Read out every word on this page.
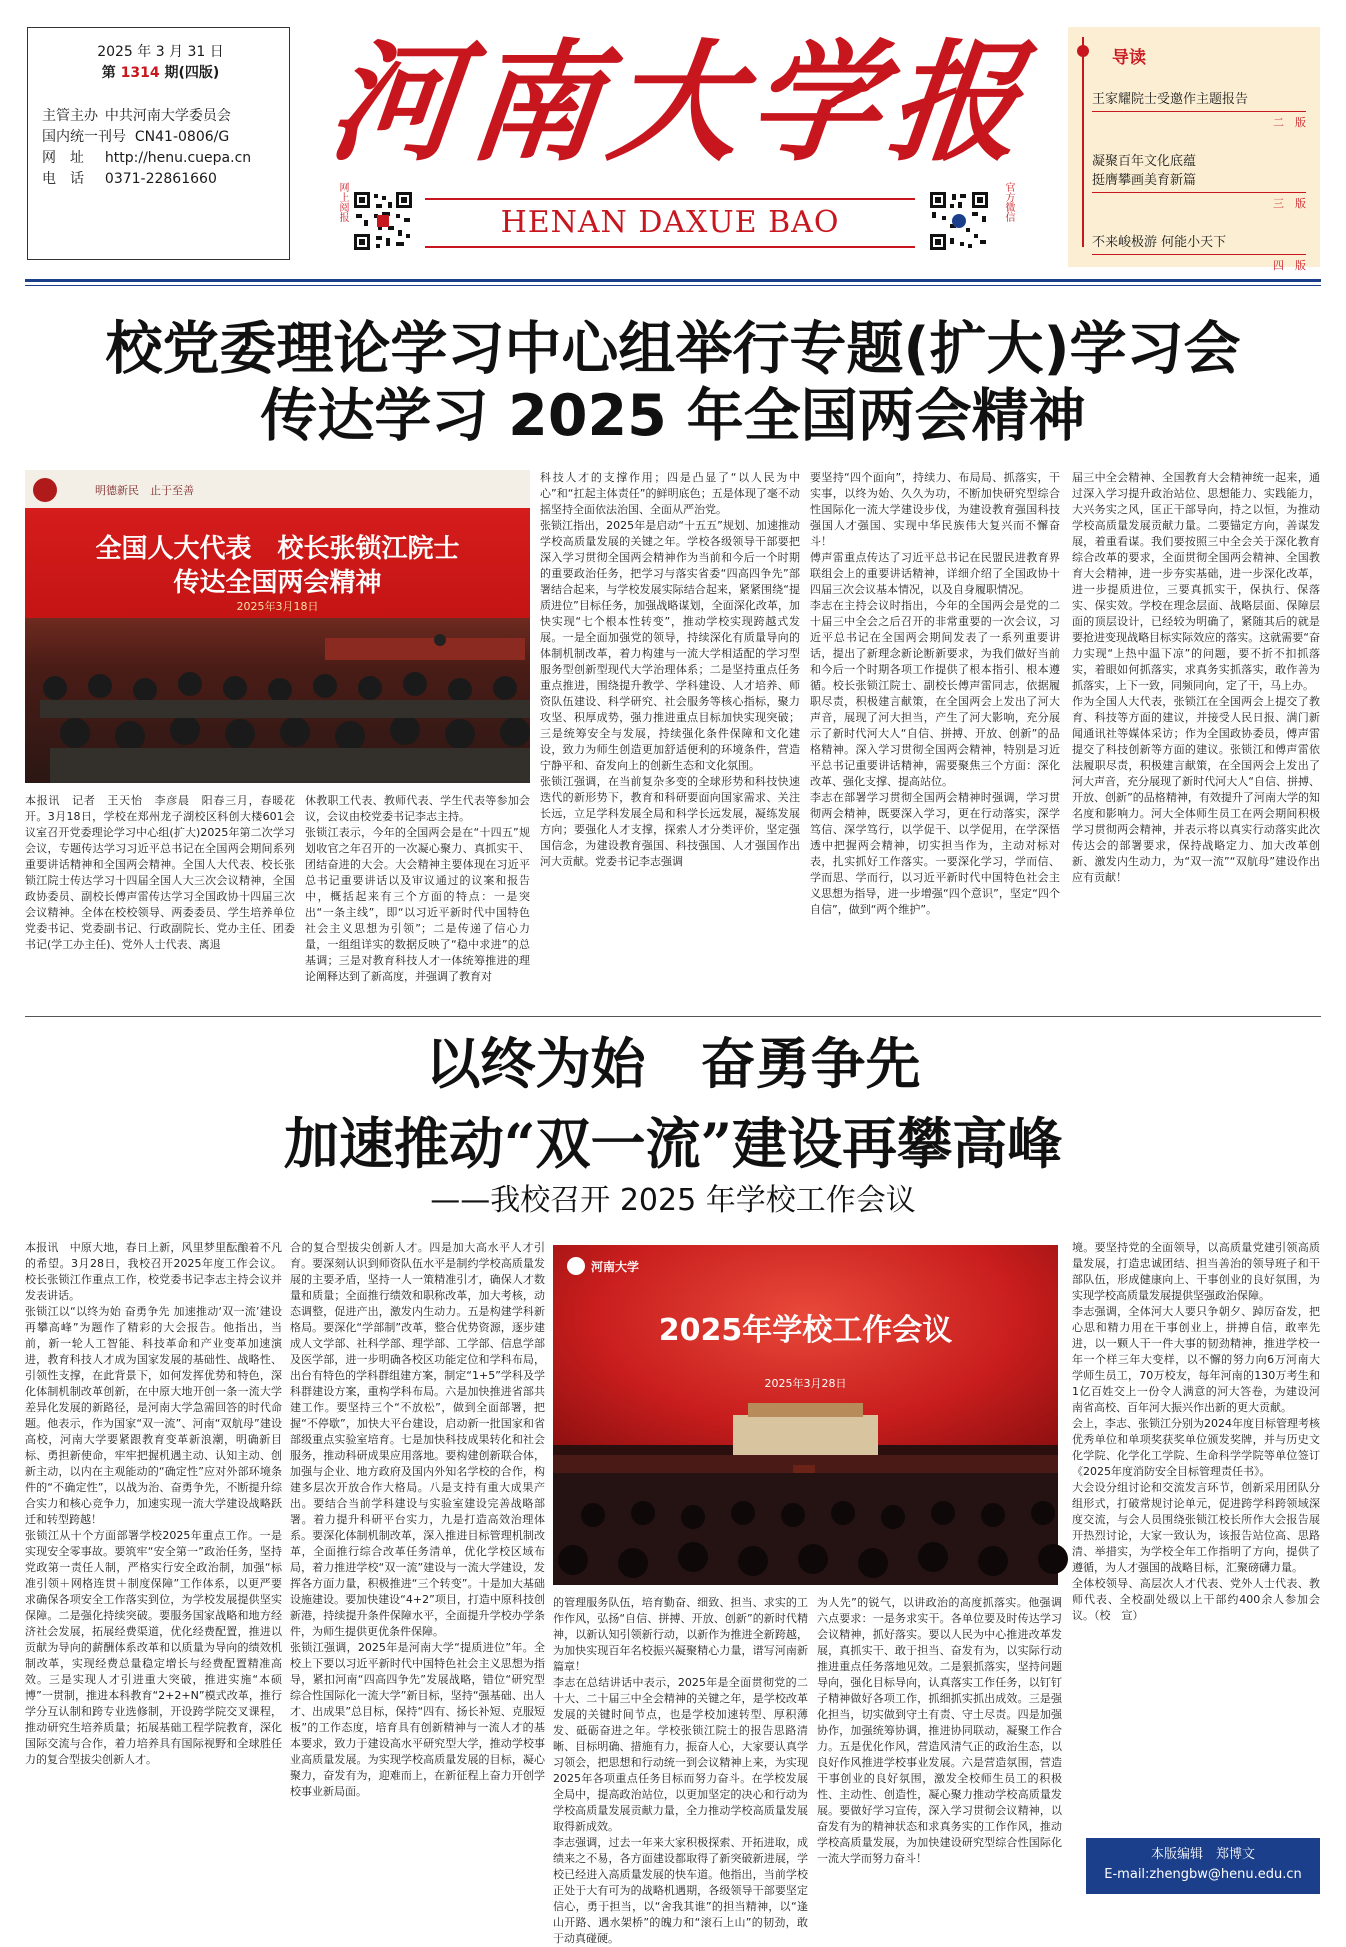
2025 年 3 月 31 日
第 1314 期(四版)
主管主办 中共河南大学委员会
国内统一刊号 CN41-0806/G
网　址 http://henu.cuepa.cn
电　话 0371-22861660 河南大学报
网上阅报	官方微信
HENAN DAXUE BAO
导读
王家耀院士受邀作主题报告
二　版
凝聚百年文化底蕴
挺膺攀画美育新篇
三　版
不来峻极游 何能小天下
四　版
校党委理论学习中心组举行专题(扩大)学习会
传达学习 2025 年全国两会精神
明德新民　止于至善
全国人大代表　校长张锁江院士
传达全国两会精神
2025年3月18日
本报讯　记者　王天怡　李彦晨　阳春三月，春暖花开。3月18日，学校在郑州龙子湖校区科创大楼601会议室召开党委理论学习中心组(扩大)2025年第二次学习会议，专题传达学习习近平总书记在全国两会期间系列重要讲话精神和全国两会精神。全国人大代表、校长张锁江院士传达学习十四届全国人大三次会议精神，全国政协委员、副校长傅声雷传达学习全国政协十四届三次会议精神。全体在校校领导、两委委员、学生培养单位党委书记、党委副书记、行政副院长、党办主任、团委书记(学工办主任)、党外人士代表、离退
休教职工代表、教师代表、学生代表等参加会议，会议由校党委书记李志主持。
张锁江表示，今年的全国两会是在“十四五”规划收官之年召开的一次凝心聚力、真抓实干、团结奋进的大会。大会精神主要体现在习近平总书记重要讲话以及审议通过的议案和报告中，概括起来有三个方面的特点：一是突出“一条主线”，即“以习近平新时代中国特色社会主义思想为引领”；二是传递了信心力量，一组组详实的数据反映了“稳中求进”的总基调；三是对教育科技人才一体统筹推进的理论阐释达到了新高度，并强调了教育对
科技人才的支撑作用；四是凸显了“以人民为中心”和“扛起主体责任”的鲜明底色；五是体现了毫不动摇坚持全面依法治国、全面从严治党。
张锁江指出，2025年是启动“十五五”规划、加速推动学校高质量发展的关键之年。学校各级领导干部要把深入学习贯彻全国两会精神作为当前和今后一个时期的重要政治任务，把学习与落实省委“四高四争先”部署结合起来，与学校发展实际结合起来，紧紧围绕“提质进位”目标任务，加强战略谋划，全面深化改革，加快实现“七个根本性转变”，推动学校实现跨越式发展。一是全面加强党的领导，持续深化有质量导向的体制机制改革，着力构建与一流大学相适配的学习型服务型创新型现代大学治理体系；二是坚持重点任务重点推进，围绕提升教学、学科建设、人才培养、师资队伍建设、科学研究、社会服务等核心指标，聚力攻坚、积厚成势，强力推进重点目标加快实现突破；三是统筹安全与发展，持续强化条件保障和文化建设，致力为师生创造更加舒适便利的环境条件，营造宁静平和、奋发向上的创新生态和文化氛围。
张锁江强调，在当前复杂多变的全球形势和科技快速迭代的新形势下，教育和科研要面向国家需求、关注长远，立足学科发展全局和科学长远发展，凝练发展方向；要强化人才支撑，探索人才分类评价，坚定强国信念，为建设教育强国、科技强国、人才强国作出河大贡献。党委书记李志强调
要坚持“四个面向”，持续力、布局局、抓落实，干实事，以终为始、久久为功，不断加快研究型综合性国际化一流大学建设步伐，为建设教育强国科技强国人才强国、实现中华民族伟大复兴而不懈奋斗！
傅声雷重点传达了习近平总书记在民盟民进教育界联组会上的重要讲话精神，详细介绍了全国政协十四届三次会议基本情况，以及自身履职情况。
李志在主持会议时指出，今年的全国两会是党的二十届三中全会之后召开的非常重要的一次会议，习近平总书记在全国两会期间发表了一系列重要讲话，提出了新理念新论断新要求，为我们做好当前和今后一个时期各项工作提供了根本指引、根本遵循。校长张锁江院士、副校长傅声雷同志，依据履职尽责，积极建言献策，在全国两会上发出了河大声音，展现了河大担当，产生了河大影响，充分展示了新时代河大人“自信、拼搏、开放、创新”的品格精神。深入学习贯彻全国两会精神，特别是习近平总书记重要讲话精神，需要聚焦三个方面：深化改革、强化支撑、提高站位。
李志在部署学习贯彻全国两会精神时强调，学习贯彻两会精神，既要深入学习，更在行动落实，深学笃信、深学笃行，以学促干、以学促用，在学深悟透中把握两会精神，切实担当作为，主动对标对表，扎实抓好工作落实。一要深化学习，学而信、学而思、学而行，以习近平新时代中国特色社会主义思想为指导，进一步增强“四个意识”，坚定“四个自信”，做到“两个维护”。
届三中全会精神、全国教育大会精神统一起来，通过深入学习提升政治站位、思想能力、实践能力，大兴务实之风，匡正干部导向，持之以恒，为推动学校高质量发展贡献力量。二要锚定方向，善谋发展，着重看谋。我们要按照三中全会关于深化教育综合改革的要求，全面贯彻全国两会精神、全国教育大会精神，进一步夯实基础，进一步深化改革，进一步提质进位，三要真抓实干，保执行、保落实、保实效。学校在理念层面、战略层面、保障层面的顶层设计，已经较为明确了，紧随其后的就是要抢进变现战略目标实际效应的落实。这就需要“奋力实现“上热中温下凉”的问题，要不折不扣抓落实，着眼如何抓落实，求真务实抓落实，敢作善为抓落实，上下一致，同频同向，定了干，马上办。
作为全国人大代表，张锁江在全国两会上提交了教育、科技等方面的建议，并接受人民日报、满门新闻通讯社等媒体采访；作为全国政协委员，傅声雷提交了科技创新等方面的建议。张锁江和傅声雷依法履职尽责，积极建言献策，在全国两会上发出了河大声音，充分展现了新时代河大人“自信、拼搏、开放、创新”的品格精神，有效提升了河南大学的知名度和影响力。河大全体师生员工在两会期间积极学习贯彻两会精神，并表示将以真实行动落实此次传达会的部署要求，保持战略定力、加大改革创新、激发内生动力，为“双一流”“双航母”建设作出应有贡献！
以终为始　奋勇争先
加速推动“双一流”建设再攀高峰
——我校召开 2025 年学校工作会议
河南大学
2025年学校工作会议
2025年3月28日
本报讯　中原大地，春日上新，风里梦里酝酿着不凡的希望。3月28日，我校召开2025年度工作会议。校长张锁江作重点工作，校党委书记李志主持会议并发表讲话。
张锁江以“以终为始 奋勇争先 加速推动‘双一流’建设再攀高峰”为题作了精彩的大会报告。他指出，当前，新一轮人工智能、科技革命和产业变革加速演进，教育科技人才成为国家发展的基础性、战略性、引领性支撑，在此背景下，如何发挥优势和特色，深化体制机制改革创新，在中原大地开创一条一流大学差异化发展的新路径，是河南大学急需回答的时代命题。他表示，作为国家“双一流”、河南“双航母”建设高校，河南大学要紧跟教育变革新浪潮，明确新目标、勇担新使命，牢牢把握机遇主动、认知主动、创新主动，以内在主观能动的“确定性”应对外部环境条件的“不确定性”，以战为治、奋勇争先，不断提升综合实力和核心竞争力，加速实现一流大学建设战略跃迁和转型跨越！
张锁江从十个方面部署学校2025年重点工作。一是实现安全零事故。要筑牢“安全第一”政治任务，坚持党政第一责任人制，严格实行安全政治制，加强“标准引领＋网格连贯＋制度保障”工作体系，以更严要求确保各项安全工作落实到位，为学校发展提供坚实保障。二是强化持续突破。要服务国家战略和地方经济社会发展，拓展经费渠道，优化经费配置，推进以贡献为导向的薪酬体系改革和以质量为导向的绩效机制改革，实现经费总量稳定增长与经费配置精准高效。三是实现人才引进重大突破，推进实施“本硕博”一贯制，推进本科教育“2+2+N”模式改革，推行学分互认制和跨专业选修制，开设跨学院交叉课程，推动研究生培养质量；拓展基础工程学院教育，深化国际交流与合作，着力培养具有国际视野和全球胜任力的复合型拔尖创新人才。
合的复合型拔尖创新人才。四是加大高水平人才引育。要深刻认识到师资队伍水平是制约学校高质量发展的主要矛盾，坚持一人一策精准引才，确保人才数量和质量；全面推行绩效和职称改革，加大考核，动态调整，促进产出，激发内生动力。五是构建学科新格局。要深化“学部制”改革，整合优势资源，逐步建成人文学部、社科学部、理学部、工学部、信息学部及医学部，进一步明确各校区功能定位和学科布局，出台有特色的学科群组建方案，制定“1+5”学科及学科群建设方案，重构学科布局。六是加快推进省部共建工作。要坚持三个“不放松”，做到全面部署，把握“不停歇”，加快大平台建设，启动新一批国家和省部级重点实验室培育。七是加快科技成果转化和社会服务，推动科研成果应用落地。要构建创新联合体，加强与企业、地方政府及国内外知名学校的合作，构建多层次开放合作大格局。八是支持有重大成果产出。要结合当前学科建设与实验室建设完善战略部署。着力提升科研平台实力，九是打造高效治理体系。要深化体制机制改革，深入推进目标管理机制改革，全面推行综合改革任务清单，优化学校区域布局，着力推进学校“双一流”建设与一流大学建设，发挥各方面力量，积极推进“三个转变”。十是加大基础设施建设。要加快建设“4+2”项目，打造中原科技创新港，持续提升条件保障水平，全面提升学校办学条件，为师生提供更优条件保障。
张锁江强调，2025年是河南大学“提质进位”年。全校上下要以习近平新时代中国特色社会主义思想为指导，紧扣河南“四高四争先”发展战略，错位“研究型综合性国际化一流大学”新目标，坚持“强基础、出人才、出成果”总目标，保持“四有、扬长补短、克服短板”的工作态度，培育具有创新精神与一流人才的基本要求，致力于建设高水平研究型大学，推动学校事业高质量发展。为实现学校高质量发展的目标，凝心聚力，奋发有为，迎难而上，在新征程上奋力开创学校事业新局面。
的管理服务队伍，培育勤奋、细致、担当、求实的工作作风，弘扬“自信、拼搏、开放、创新”的新时代精神，以新认知引领新行动，以新作为推进全新跨越，为加快实现百年名校振兴凝聚精心力量，谱写河南新篇章！
李志在总结讲话中表示，2025年是全面贯彻党的二十大、二十届三中全会精神的关键之年，是学校改革发展的关键时间节点，也是学校加速转型、厚积薄发、砥砺奋进之年。学校张锁江院士的报告思路清晰、目标明确、措施有力，振奋人心，大家要认真学习领会，把思想和行动统一到会议精神上来，为实现2025年各项重点任务目标而努力奋斗。在学校发展全局中，提高政治站位，以更加坚定的决心和行动为学校高质量发展贡献力量，全力推动学校高质量发展取得新成效。
李志强调，过去一年来大家积极探索、开拓进取，成绩来之不易，各方面建设都取得了新突破新进展，学校已经进入高质量发展的快车道。他指出，当前学校正处于大有可为的战略机遇期，各级领导干部要坚定信心，勇于担当，以“舍我其谁”的担当精神，以“逢山开路、遇水架桥”的魄力和“滚石上山”的韧劲，敢于动真碰硬。
为人先”的锐气，以讲政治的高度抓落实。他强调六点要求：一是务求实干。各单位要及时传达学习会议精神，抓好落实。要以人民为中心推进改革发展，真抓实干、敢于担当、奋发有为，以实际行动推进重点任务落地见效。二是狠抓落实，坚持问题导向，强化目标导向，认真落实工作任务，以钉钉子精神做好各项工作，抓细抓实抓出成效。三是强化担当，切实做到守土有责、守土尽责。四是加强协作，加强统筹协调，推进协同联动，凝聚工作合力。五是优化作风，营造风清气正的政治生态，以良好作风推进学校事业发展。六是营造氛围，营造干事创业的良好氛围，激发全校师生员工的积极性、主动性、创造性，凝心聚力推动学校高质量发展。要做好学习宣传，深入学习贯彻会议精神，以奋发有为的精神状态和求真务实的工作作风，推动学校高质量发展，为加快建设研究型综合性国际化一流大学而努力奋斗！
境。要坚持党的全面领导，以高质量党建引领高质量发展，打造忠诚团结、担当善治的领导班子和干部队伍，形成健康向上、干事创业的良好氛围，为实现学校高质量发展提供坚强政治保障。
李志强调，全体河大人要只争朝夕、踔厉奋发，把心思和精力用在干事创业上，拼搏自信，敢率先进，以一颗人干一件大事的韧劲精神，推进学校一年一个样三年大变样，以不懈的努力向6万河南大学师生员工，70万校友，每年河南的130万考生和1亿百姓交上一份令人满意的河大答卷，为建设河南省高校、百年河大振兴作出新的更大贡献。
会上，李志、张锁江分别为2024年度目标管理考核优秀单位和单项奖获奖单位颁发奖牌，并与历史文化学院、化学化工学院、生命科学学院等单位签订《2025年度消防安全目标管理责任书》。
大会设分组讨论和交流发言环节，创新采用团队分组形式，打破常规讨论单元，促进跨学科跨领域深度交流，与会人员围绕张锁江校长所作大会报告展开热烈讨论，大家一致认为，该报告站位高、思路清、举措实，为学校全年工作指明了方向，提供了遵循，为人才强国的战略目标，汇聚磅礴力量。
全体校领导、高层次人才代表、党外人士代表、教师代表、全校副处级以上干部约400余人参加会议。（校　宣）
本版编辑　郑博文
E-mail:zhengbw@henu.edu.cn
